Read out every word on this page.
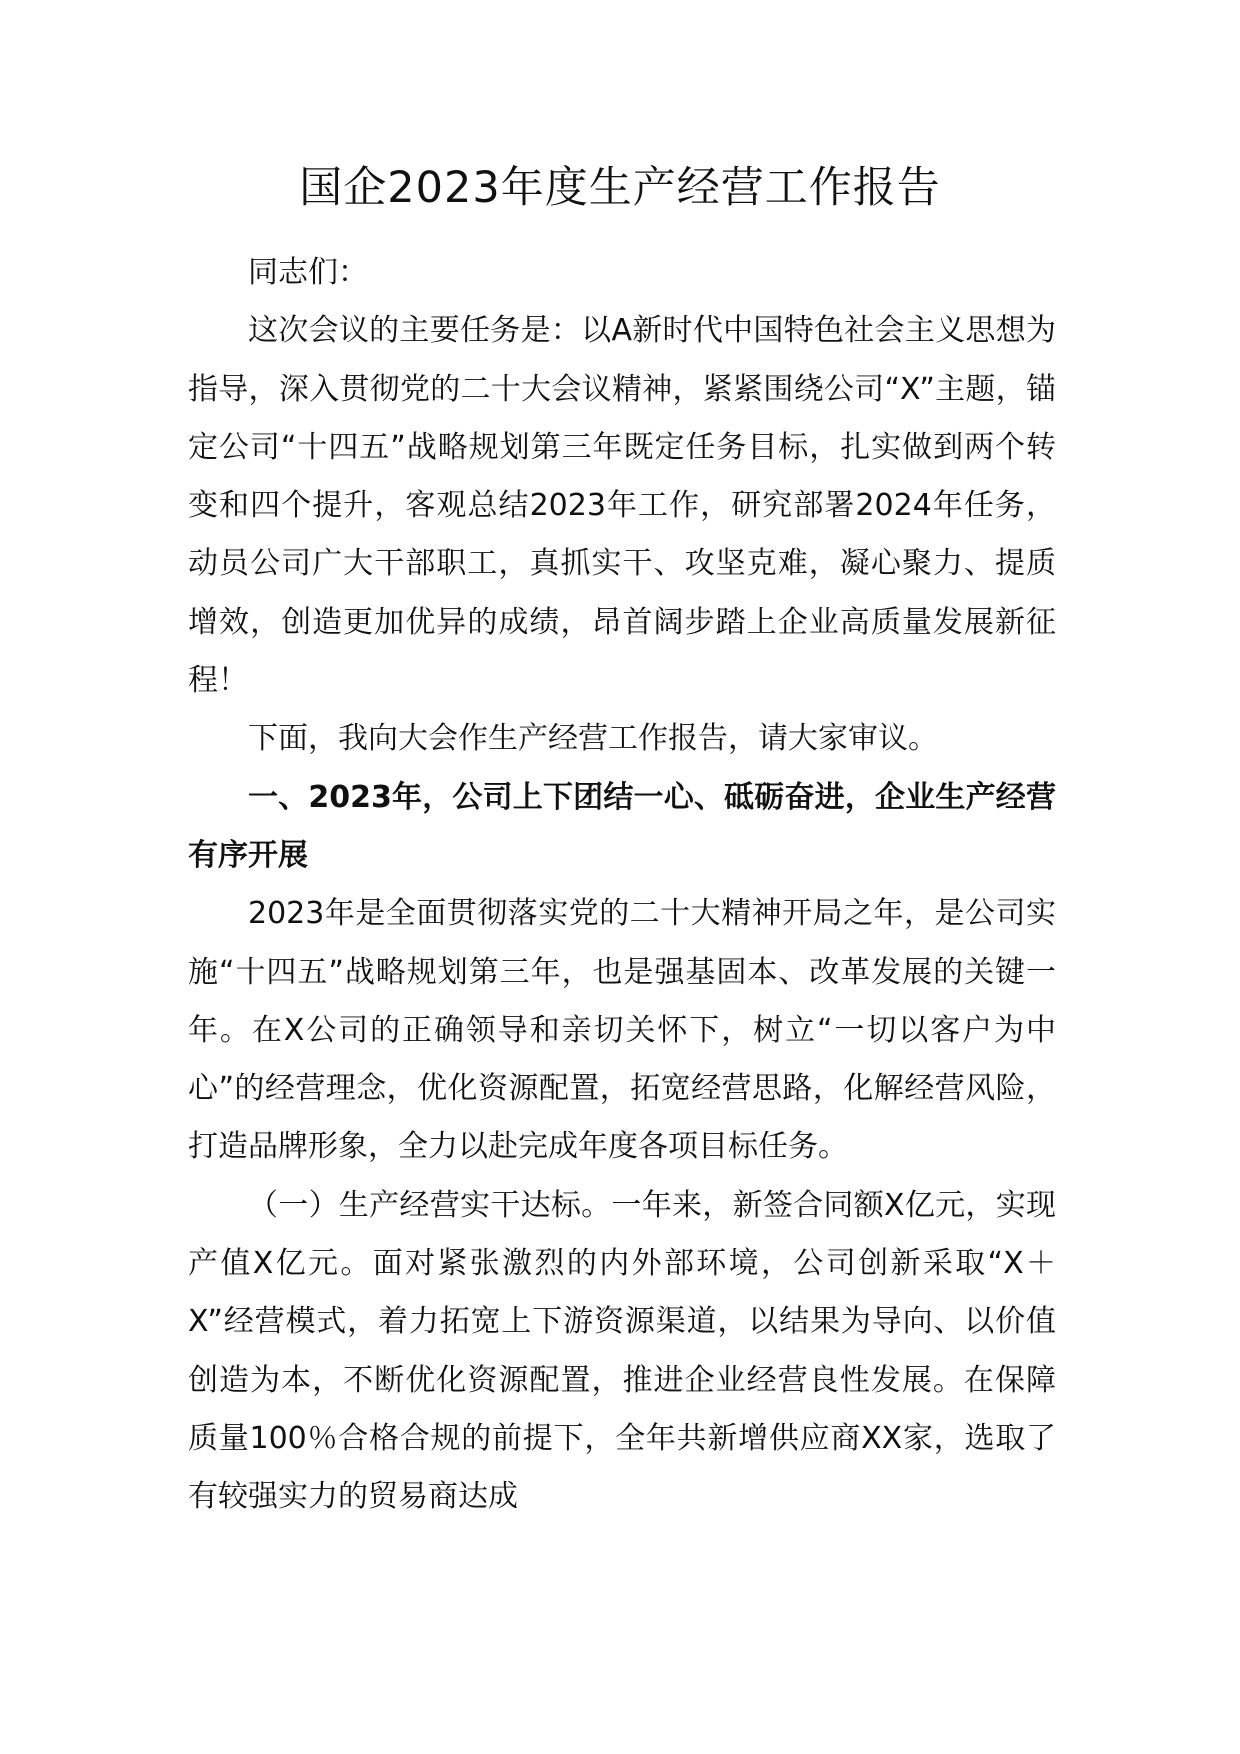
国企2023年度生产经营工作报告

同志们：

这次会议的主要任务是：以A新时代中国特色社会主义思想为指导，深入贯彻党的二十大会议精神，紧紧围绕公司“X”主题，锚定公司“十四五”战略规划第三年既定任务目标，扎实做到两个转变和四个提升，客观总结2023年工作，研究部署2024年任务，动员公司广大干部职工，真抓实干、攻坚克难，凝心聚力、提质增效，创造更加优异的成绩，昂首阔步踏上企业高质量发展新征程！

下面，我向大会作生产经营工作报告，请大家审议。

一、2023年，公司上下团结一心、砥砺奋进，企业生产经营有序开展

2023年是全面贯彻落实党的二十大精神开局之年，是公司实施“十四五”战略规划第三年，也是强基固本、改革发展的关键一年。在X公司的正确领导和亲切关怀下，树立“一切以客户为中心”的经营理念，优化资源配置，拓宽经营思路，化解经营风险，打造品牌形象，全力以赴完成年度各项目标任务。

（一）生产经营实干达标。一年来，新签合同额X亿元，实现产值X亿元。面对紧张激烈的内外部环境，公司创新采取“X＋X”经营模式，着力拓宽上下游资源渠道，以结果为导向、以价值创造为本，不断优化资源配置，推进企业经营良性发展。在保障质量100％合格合规的前提下，全年共新增供应商XX家，选取了有较强实力的贸易商达成
